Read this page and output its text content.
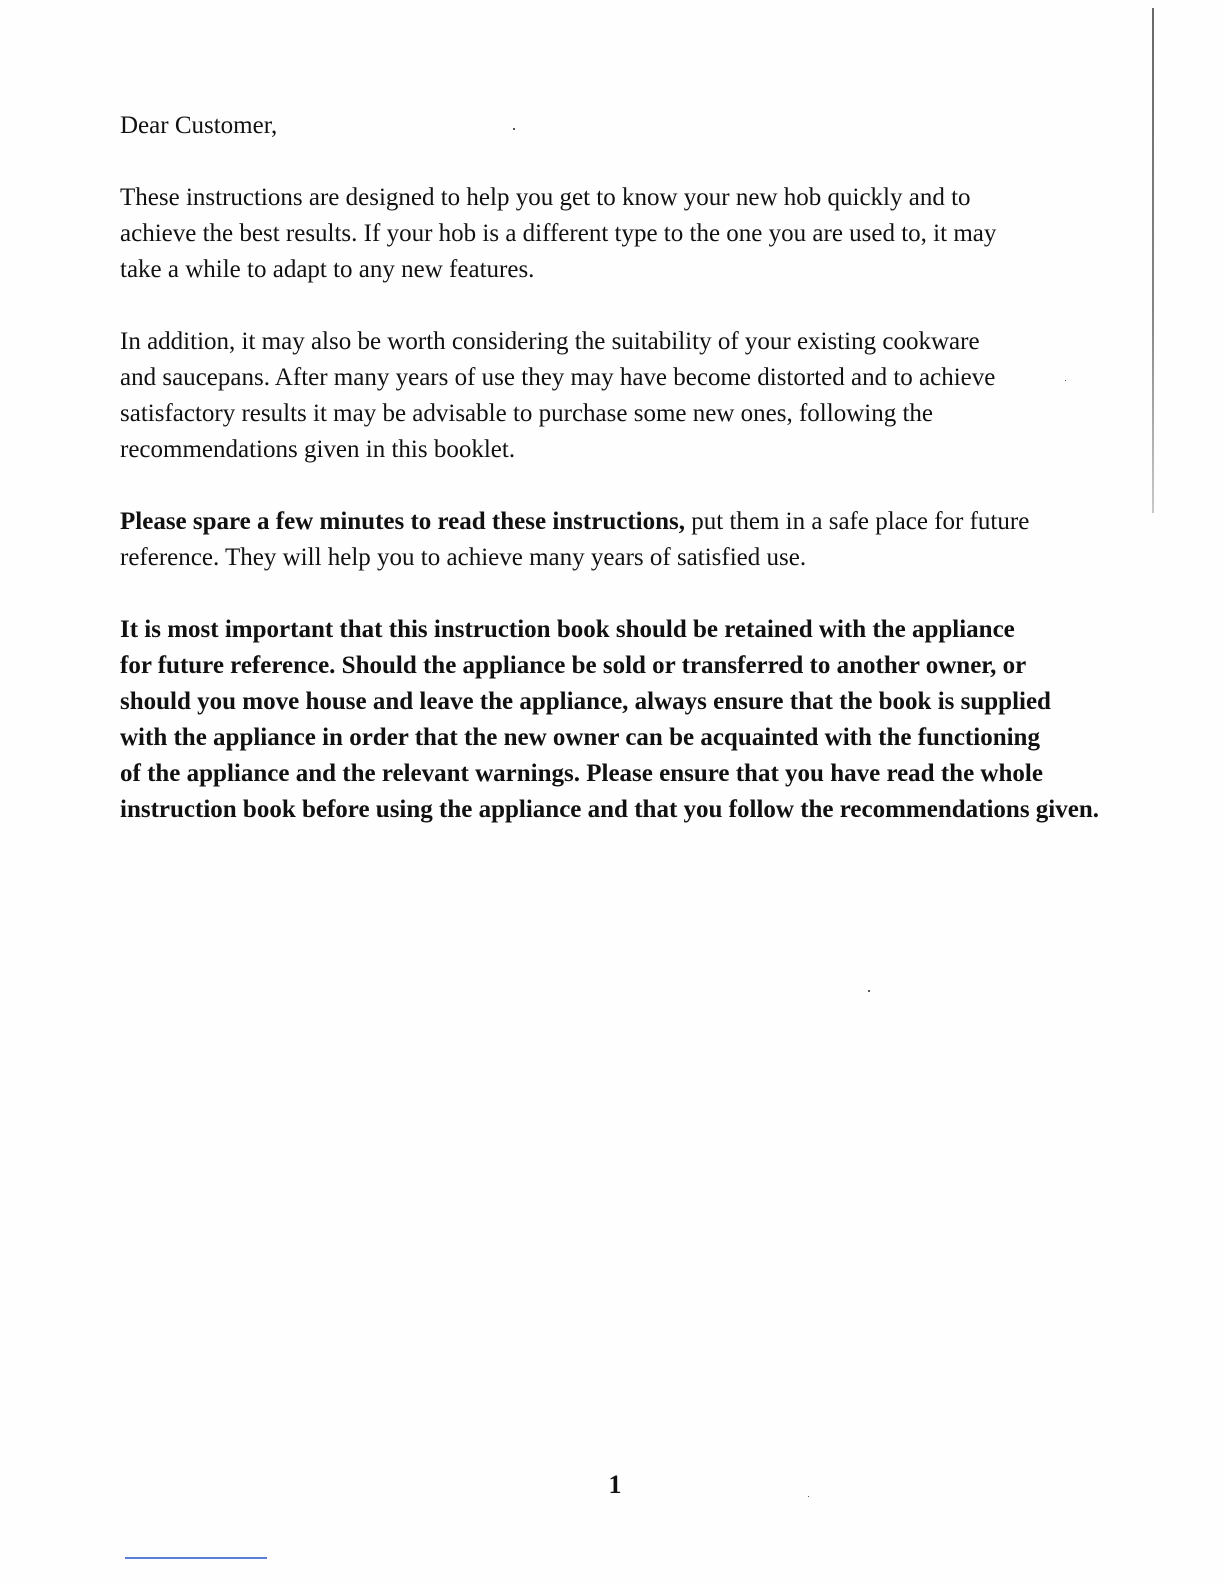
Dear Customer,

These instructions are designed to help you get to know your new hob quickly and to
achieve the best results. If your hob is a different type to the one you are used to, it may
take a while to adapt to any new features.

In addition, it may also be worth considering the suitability of your existing cookware
and saucepans. After many years of use they may have become distorted and to achieve
satisfactory results it may be advisable to purchase some new ones, following the
recommendations given in this booklet.

Please spare a few minutes to read these instructions, put them in a safe place for future
reference. They will help you to achieve many years of satisfied use.

It is most important that this instruction book should be retained with the appliance
for future reference. Should the appliance be sold or transferred to another owner, or
should you move house and leave the appliance, always ensure that the book is supplied
with the appliance in order that the new owner can be acquainted with the functioning
of the appliance and the relevant warnings. Please ensure that you have read the whole
instruction book before using the appliance and that you follow the recommendations given.

1
